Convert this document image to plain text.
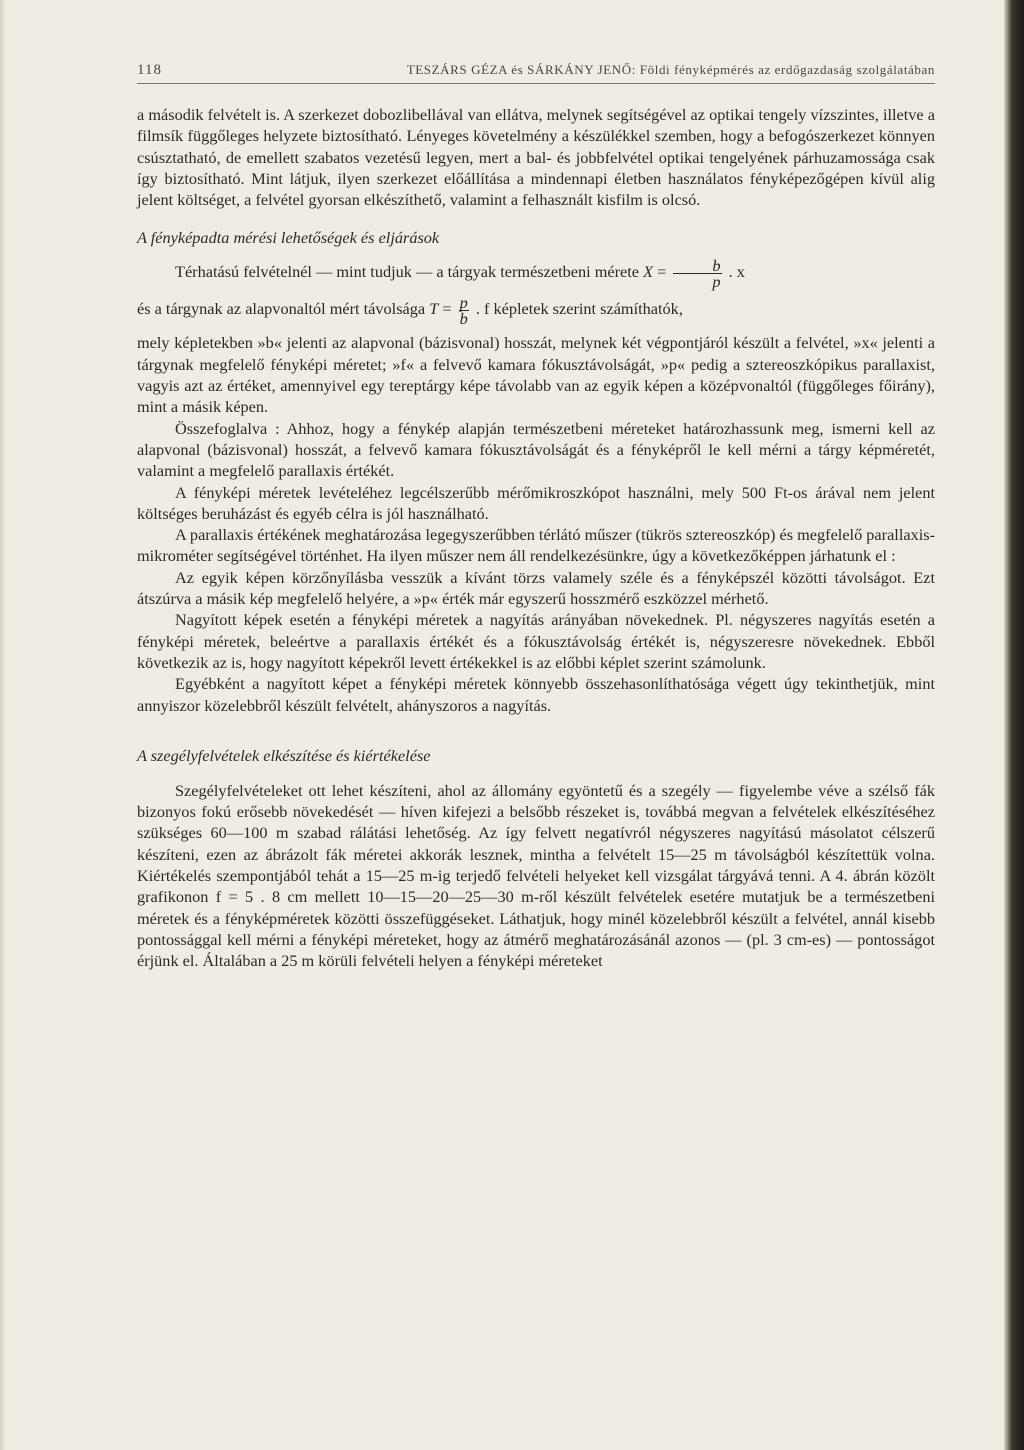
118	TESZÁRS GÉZA és SÁRKÁNY JENŐ: Földi fényképmérés az erdőgazdaság szolgálatában

a második felvételt is. A szerkezet dobozlibellával van ellátva, melynek segítségével az optikai tengely vízszintes, illetve a filmsík függőleges helyzete biztosítható. Lényeges követelmény a készülékkel szemben, hogy a befogószerkezet könnyen csúsztatható, de emellett szabatos vezetésű legyen, mert a bal- és jobbfelvétel optikai tengelyének párhuzamossága csak így biztosítható. Mint látjuk, ilyen szerkezet előállítása a mindennapi életben használatos fényképezőgépen kívül alig jelent költséget, a felvétel gyorsan elkészíthető, valamint a felhasznált kisfilm is olcsó.

A fényképadta mérési lehetőségek és eljárások

Térhatású felvételnél — mint tudjuk — a tárgyak természetbeni mérete $X = \frac{b}{p}$ . x
és a tárgynak az alapvonaltól mért távolsága $T = \frac{p}{b}$ . f képletek szerint számíthatók,

mely képletekben »b« jelenti az alapvonal (bázisvonal) hosszát, melynek két végpontjáról készült a felvétel, »x« jelenti a tárgynak megfelelő fényképi méretet; »f« a felvevő kamara fókusztávolságát, »p« pedig a sztereoszkópikus parallaxist, vagyis azt az értéket, amennyivel egy tereptárgy képe távolabb van az egyik képen a középvonaltól (függőleges főirány), mint a másik képen.

Összefoglalva : Ahhoz, hogy a fénykép alapján természetbeni méreteket határozhassunk meg, ismerni kell az alapvonal (bázisvonal) hosszát, a felvevő kamara fókusztávolságát és a fényképről le kell mérni a tárgy képméretét, valamint a megfelelő parallaxis értékét.

A fényképi méretek levételéhez legcélszerűbb mérőmikroszkópot használni, mely 500 Ft-os árával nem jelent költséges beruházást és egyéb célra is jól használható.

A parallaxis értékének meghatározása legegyszerűbben térlátó műszer (tükrös sztereoszkóp) és megfelelő parallaxis-mikrométer segítségével történhet. Ha ilyen műszer nem áll rendelkezésünkre, úgy a következőképpen járhatunk el :

Az egyik képen körzőnyílásba vesszük a kívánt törzs valamely széle és a fényképszél közötti távolságot. Ezt átszúrva a másik kép megfelelő helyére, a »p« érték már egyszerű hosszmérő eszközzel mérhető.

Nagyított képek esetén a fényképi méretek a nagyítás arányában növekednek. Pl. négyszeres nagyítás esetén a fényképi méretek, beleértve a parallaxis értékét és a fókusztávolság értékét is, négyszeresre növekednek. Ebből következik az is, hogy nagyított képekről levett értékekkel is az előbbi képlet szerint számolunk.

Egyébként a nagyított képet a fényképi méretek könnyebb összehasonlíthatósága végett úgy tekinthetjük, mint annyiszor közelebbről készült felvételt, ahányszoros a nagyítás.

A szegélyfelvételek elkészítése és kiértékelése

Szegélyfelvételeket ott lehet készíteni, ahol az állomány egyöntetű és a szegély — figyelembe véve a szélső fák bizonyos fokú erősebb növekedését — híven kifejezi a belsőbb részeket is, továbbá megvan a felvételek elkészítéséhez szükséges 60—100 m szabad rálátási lehetőség. Az így felvett negatívról négyszeres nagyítású másolatot célszerű készíteni, ezen az ábrázolt fák méretei akkorák lesznek, mintha a felvételt 15—25 m távolságból készítettük volna. Kiértékelés szempontjából tehát a 15—25 m-ig terjedő felvételi helyeket kell vizsgálat tárgyává tenni. A 4. ábrán közölt grafikonon f = 5 . 8 cm mellett 10—15—20—25—30 m-ről készült felvételek esetére mutatjuk be a természetbeni méretek és a fényképméretek közötti összefüggéseket. Láthatjuk, hogy minél közelebbről készült a felvétel, annál kisebb pontossággal kell mérni a fényképi méreteket, hogy az átmérő meghatározásánál azonos — (pl. 3 cm-es) — pontosságot érjünk el. Általában a 25 m körüli felvételi helyen a fényképi méreteket
